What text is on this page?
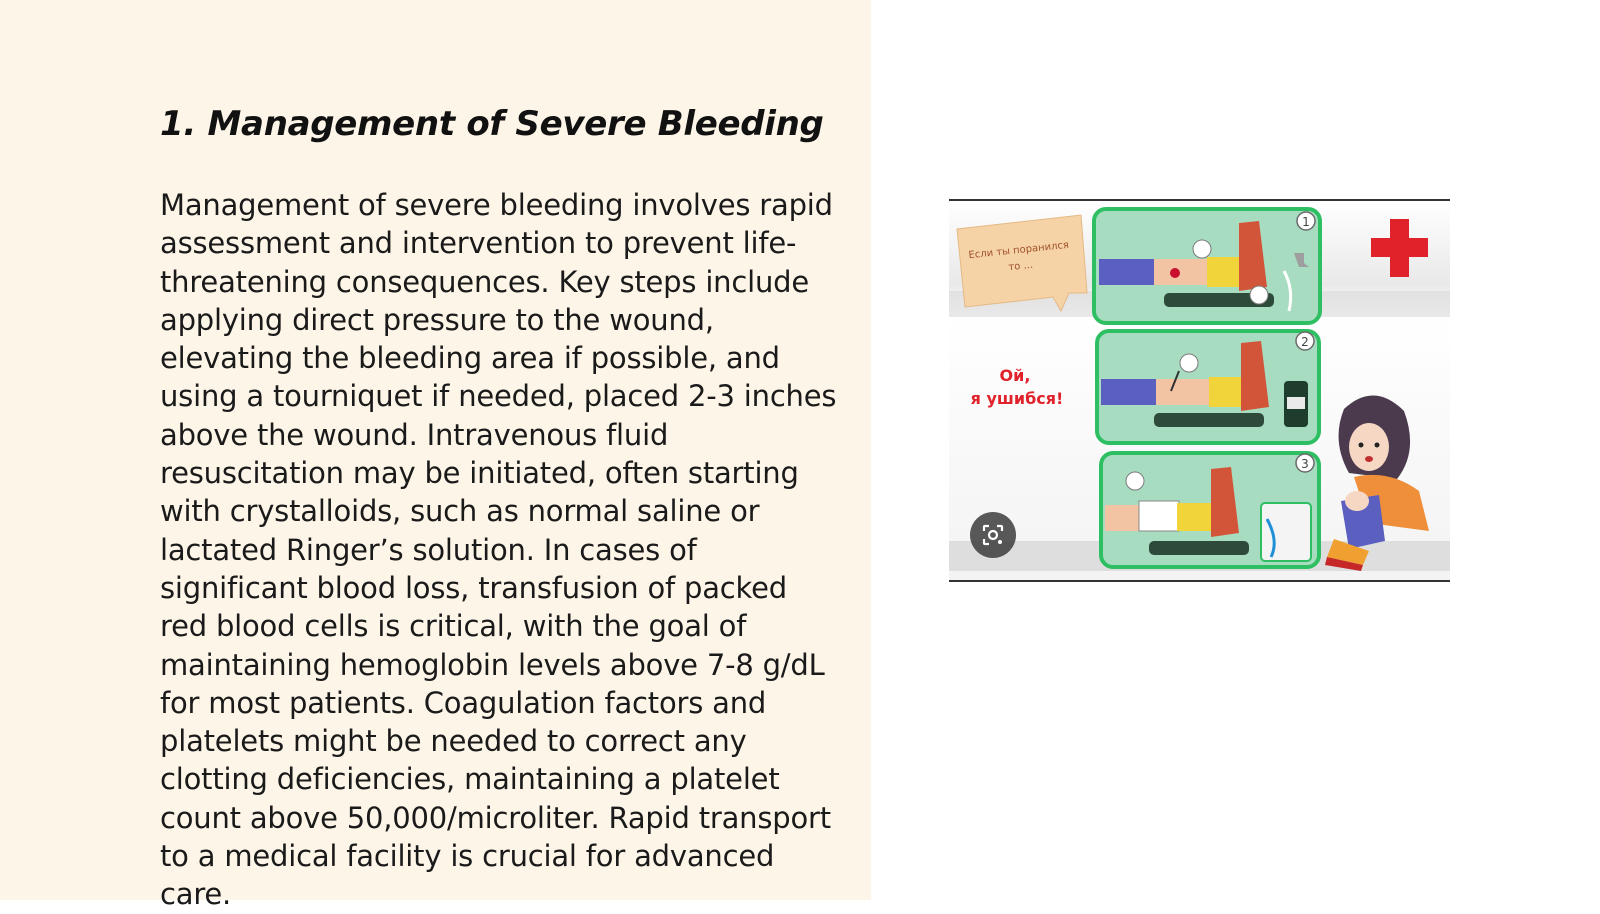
1. Management of Severe Bleeding

Management of severe bleeding involves rapid assessment and intervention to prevent life-threatening consequences. Key steps include applying direct pressure to the wound, elevating the bleeding area if possible, and using a tourniquet if needed, placed 2-3 inches above the wound. Intravenous fluid resuscitation may be initiated, often starting with crystalloids, such as normal saline or lactated Ringer’s solution. In cases of significant blood loss, transfusion of packed red blood cells is critical, with the goal of maintaining hemoglobin levels above 7-8 g/dL for most patients. Coagulation factors and platelets might be needed to correct any clotting deficiencies, maintaining a platelet count above 50,000/microliter. Rapid transport to a medical facility is crucial for advanced care.

Если ты поранился
то ...
Ой,
я ушибся!
1
2
3
